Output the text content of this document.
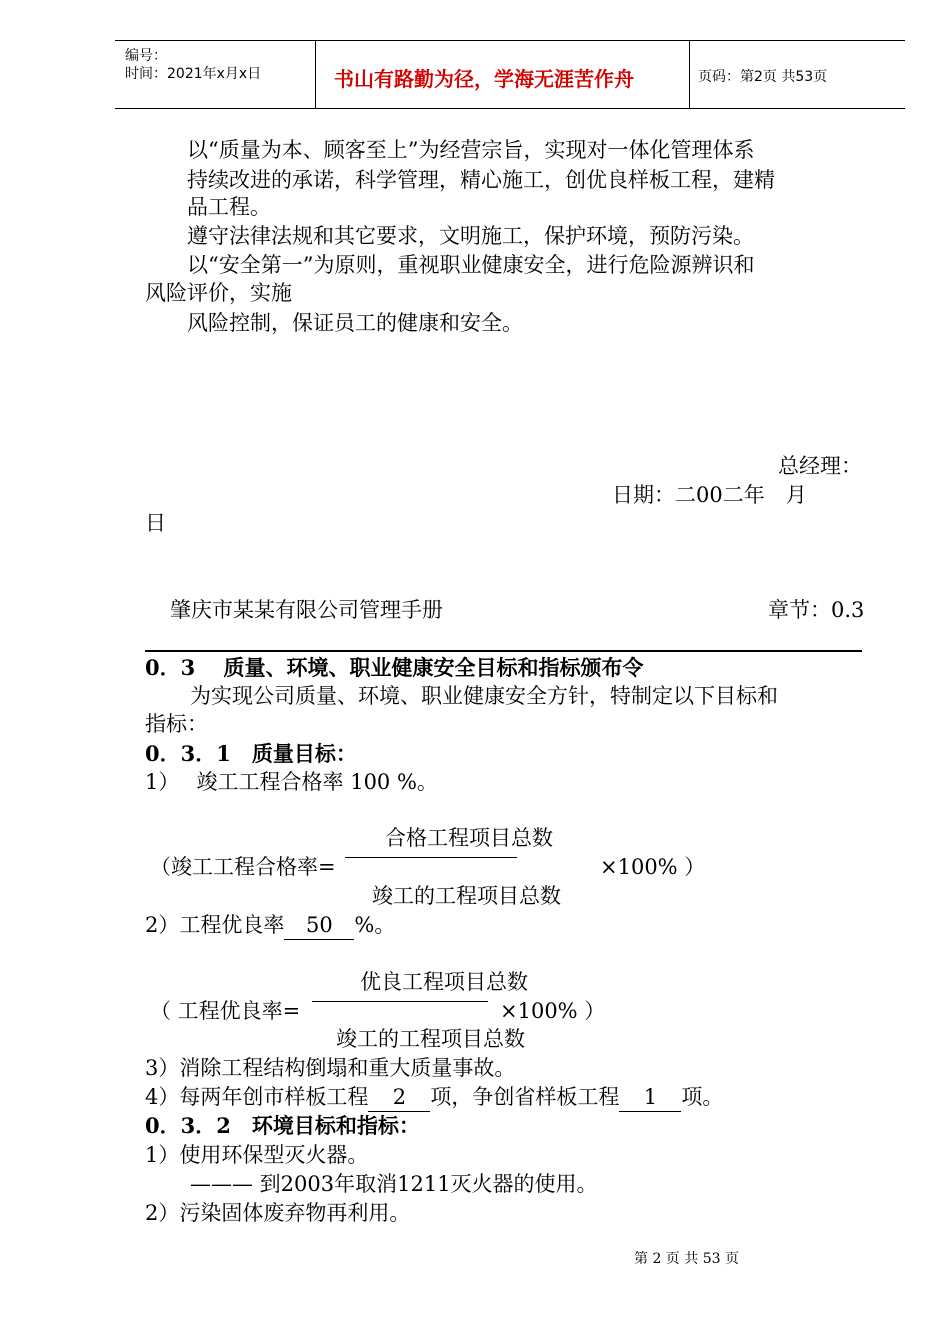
编号：
时间：2021年x月x日	书山有路勤为径，学海无涯苦作舟	页码：第2页 共53页
以“质量为本、顾客至上”为经营宗旨，实现对一体化管理体系
持续改进的承诺，科学管理，精心施工，创优良样板工程，建精
品工程。
遵守法律法规和其它要求，文明施工，保护环境，预防污染。
以“安全第一”为原则，重视职业健康安全，进行危险源辨识和
风险评价，实施
风险控制，保证员工的健康和安全。
总经理：
日期：二00二年　月
日
肇庆市某某有限公司管理手册	章节：0.3
0．3　 质量、环境、职业健康安全目标和指标颁布令
为实现公司质量、环境、职业健康安全方针，特制定以下目标和
指标：
0．3．1　质量目标：
1）　 竣工工程合格率 100 %。
合格工程项目总数
（竣工工程合格率=	×100% ）
竣工的工程项目总数
2）工程优良率 50 %。
优良工程项目总数
（ 工程优良率=	×100% ）
竣工的工程项目总数
3）消除工程结构倒塌和重大质量事故。
4）每两年创市样板工程 2 项，争创省样板工程 1 项。
0．3．2　环境目标和指标：
1）使用环保型灭火器。
——— 到2003年取消1211灭火器的使用。
2）污染固体废弃物再利用。
第 2 页 共 53 页
